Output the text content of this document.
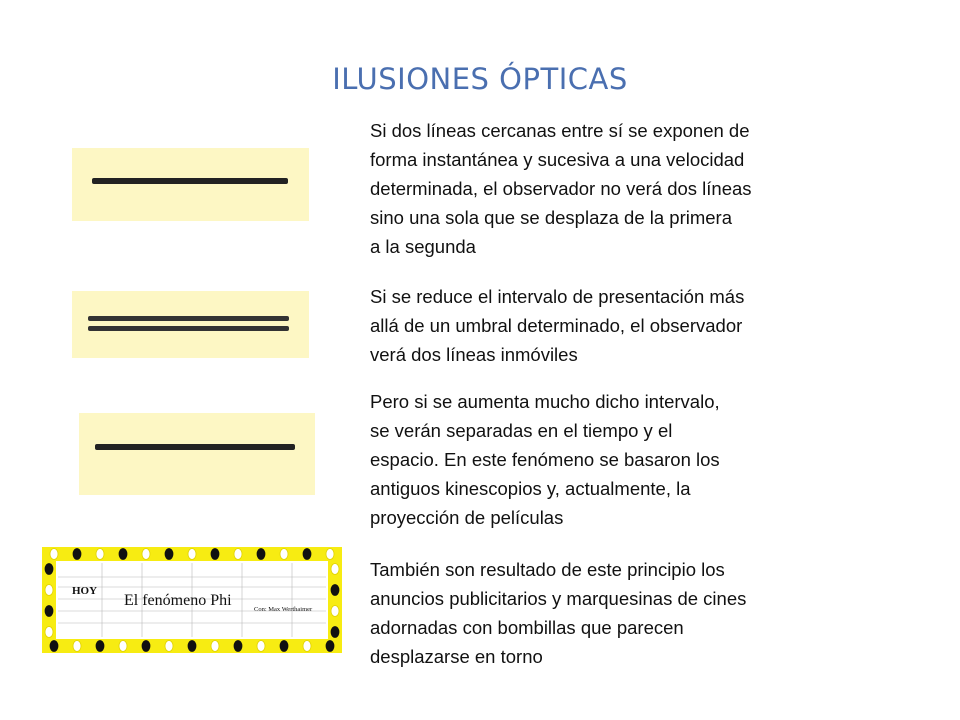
ILUSIONES ÓPTICAS
HOY
El fenómeno Phi
Con: Max Werthaimer

Si dos líneas cercanas entre sí se exponen de
forma instantánea y sucesiva a una velocidad
determinada, el observador no verá dos líneas
sino una sola que se desplaza de la primera
a la segunda

Si se reduce el intervalo de presentación más
allá de un umbral determinado, el observador
verá dos líneas inmóviles

Pero si se aumenta mucho dicho intervalo,
se verán separadas en el tiempo y el
espacio. En este fenómeno se basaron los
antiguos kinescopios y, actualmente, la
proyección de películas

También son resultado de este principio los
anuncios publicitarios y marquesinas de cines
adornadas con bombillas que parecen
desplazarse en torno
